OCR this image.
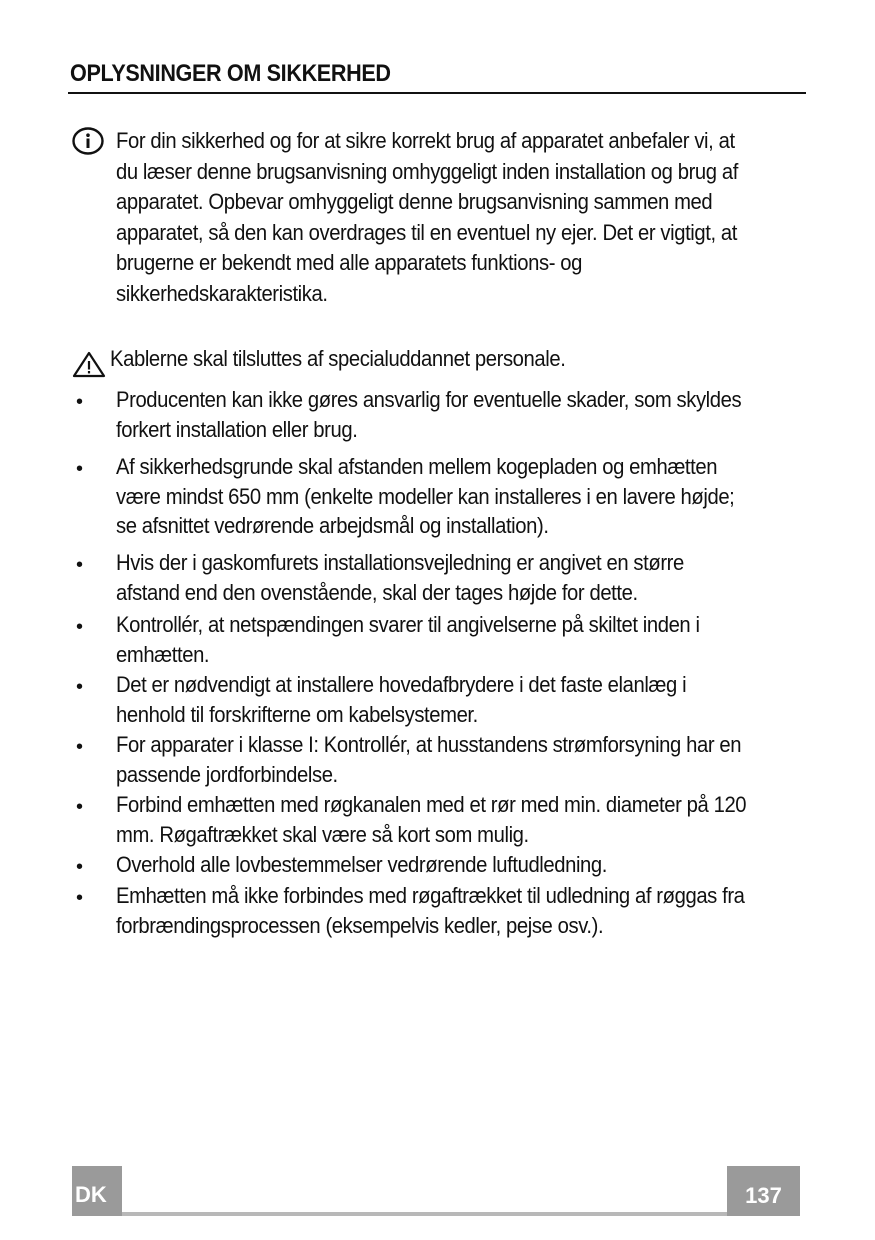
OPLYSNINGER OM SIKKERHED
For din sikkerhed og for at sikre korrekt brug af apparatet anbefaler vi, at
du læser denne brugsanvisning omhyggeligt inden installation og brug af
apparatet. Opbevar omhyggeligt denne brugsanvisning sammen med
apparatet, så den kan overdrages til en eventuel ny ejer. Det er vigtigt, at
brugerne er bekendt med alle apparatets funktions- og
sikkerhedskarakteristika.
Kablerne skal tilsluttes af specialuddannet personale.
• Producenten kan ikke gøres ansvarlig for eventuelle skader, som skyldes
forkert installation eller brug.
• Af sikkerhedsgrunde skal afstanden mellem kogepladen og emhætten
være mindst 650 mm (enkelte modeller kan installeres i en lavere højde;
se afsnittet vedrørende arbejdsmål og installation).
• Hvis der i gaskomfurets installationsvejledning er angivet en større
afstand end den ovenstående, skal der tages højde for dette.
• Kontrollér, at netspændingen svarer til angivelserne på skiltet inden i
emhætten.
• Det er nødvendigt at installere hovedafbrydere i det faste elanlæg i
henhold til forskrifterne om kabelsystemer.
• For apparater i klasse I: Kontrollér, at husstandens strømforsyning har en
passende jordforbindelse.
• Forbind emhætten med røgkanalen med et rør med min. diameter på 120
mm. Røgaftrækket skal være så kort som mulig.
• Overhold alle lovbestemmelser vedrørende luftudledning.
• Emhætten må ikke forbindes med røgaftrækket til udledning af røggas fra
forbrændingsprocessen (eksempelvis kedler, pejse osv.).
DK	137
